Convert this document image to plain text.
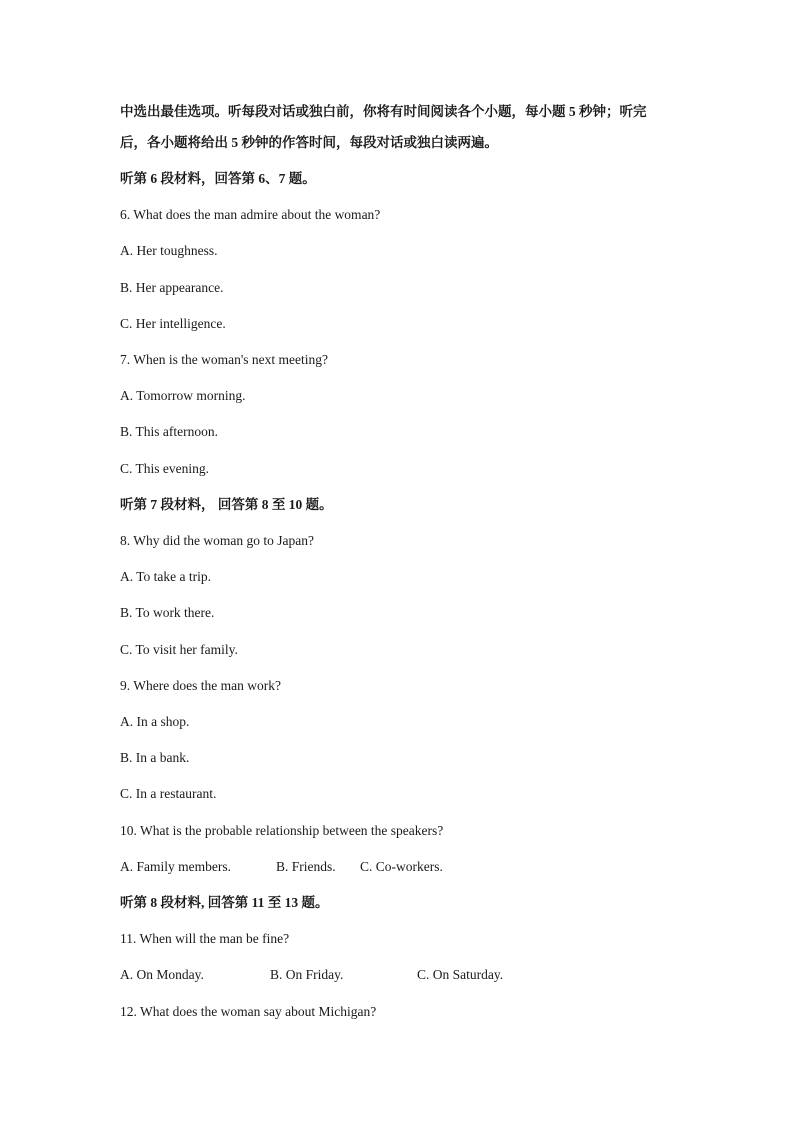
中选出最佳选项。听每段对话或独白前，你将有时间阅读各个小题，每小题 5 秒钟；听完
后，各小题将给出 5 秒钟的作答时间，每段对话或独白读两遍。
听第 6 段材料，回答第 6、7 题。
6. What does the man admire about the woman?
A. Her toughness.
B. Her appearance.
C. Her intelligence.
7. When is the woman's next meeting?
A. Tomorrow morning.
B. This afternoon.
C. This evening.
听第 7 段材料， 回答第 8 至 10 题。
8. Why did the woman go to Japan?
A. To take a trip.
B. To work there.
C. To visit her family.
9. Where does the man work?
A. In a shop.
B. In a bank.
C. In a restaurant.
10. What is the probable relationship between the speakers?
A. Family members.	B. Friends. C. Co-workers.
听第 8 段材料, 回答第 11 至 13 题。
11. When will the man be fine?
A. On Monday.	B. On Friday.	C. On Saturday.
12. What does the woman say about Michigan?
